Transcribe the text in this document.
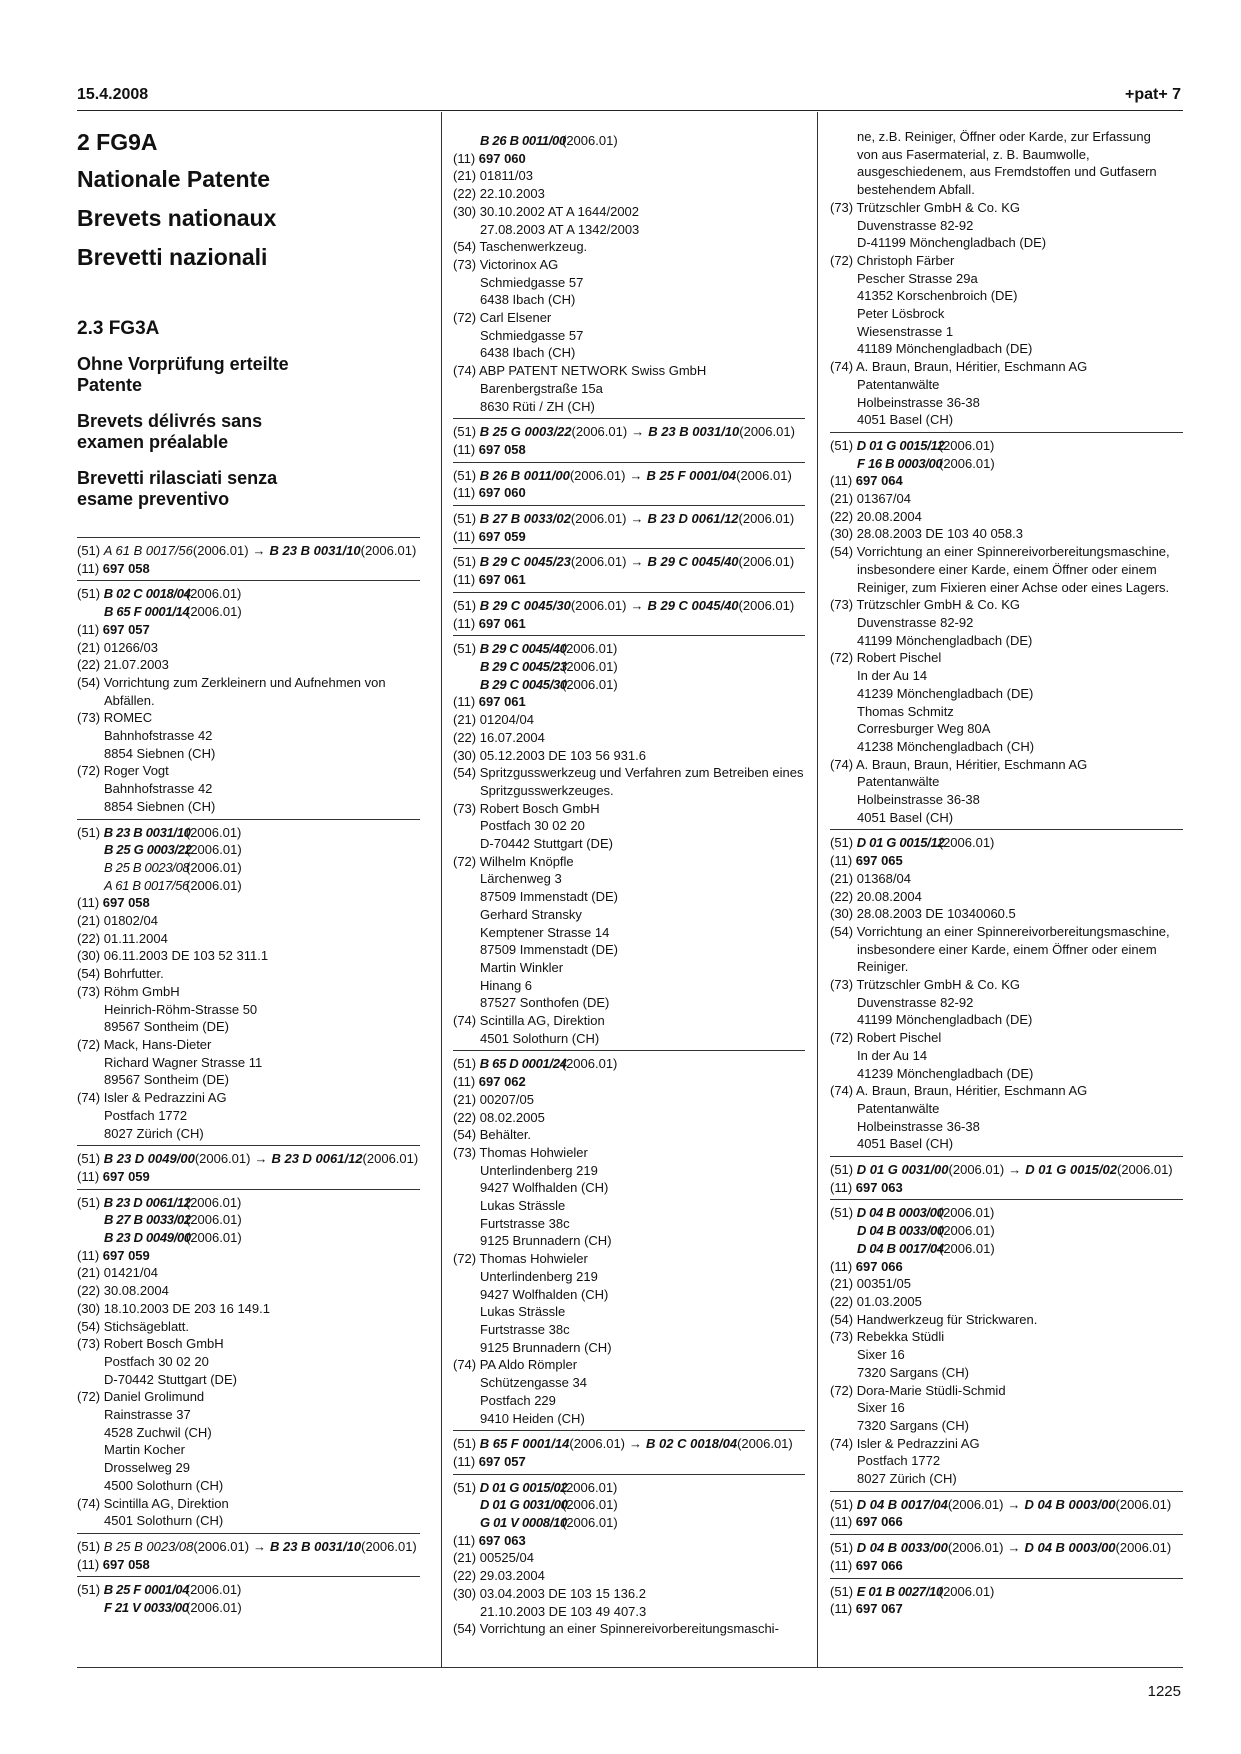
15.4.2008	+pat+ 7
2 FG9A
Nationale Patente
Brevets nationaux
Brevetti nazionali
2.3 FG3A
Ohne Vorprüfung erteilte Patente
Brevets délivrés sans examen préalable
Brevetti rilasciati senza esame preventivo
(51) A 61 B 0017/56(2006.01) → B 23 B 0031/10(2006.01)
(11) 697 058
(51) B 02 C 0018/04(2006.01)
B 65 F 0001/14(2006.01)
(11) 697 057
(21) 01266/03
(22) 21.07.2003
(54) Vorrichtung zum Zerkleinern und Aufnehmen von Abfällen.
(73) ROMEC
Bahnhofstrasse 42
8854 Siebnen (CH)
(72) Roger Vogt
Bahnhofstrasse 42
8854 Siebnen (CH)
(51) B 23 B 0031/10(2006.01)
B 25 G 0003/22(2006.01)
B 25 B 0023/08(2006.01)
A 61 B 0017/56(2006.01)
(11) 697 058
(21) 01802/04
(22) 01.11.2004
(30) 06.11.2003 DE 103 52 311.1
(54) Bohrfutter.
(73) Röhm GmbH
Heinrich-Röhm-Strasse 50
89567 Sontheim (DE)
(72) Mack, Hans-Dieter
Richard Wagner Strasse 11
89567 Sontheim (DE)
(74) Isler & Pedrazzini AG
Postfach 1772
8027 Zürich (CH)
(51) B 23 D 0049/00(2006.01) → B 23 D 0061/12(2006.01)
(11) 697 059
(51) B 23 D 0061/12(2006.01)
B 27 B 0033/02(2006.01)
B 23 D 0049/00(2006.01)
(11) 697 059
(21) 01421/04
(22) 30.08.2004
(30) 18.10.2003 DE 203 16 149.1
(54) Stichsägeblatt.
(73) Robert Bosch GmbH
Postfach 30 02 20
D-70442 Stuttgart (DE)
(72) Daniel Grolimund
Rainstrasse 37
4528 Zuchwil (CH)
Martin Kocher
Drosselweg 29
4500 Solothurn (CH)
(74) Scintilla AG, Direktion
4501 Solothurn (CH)
(51) B 25 B 0023/08(2006.01) → B 23 B 0031/10(2006.01)
(11) 697 058
(51) B 25 F 0001/04(2006.01)
F 21 V 0033/00(2006.01)
B 26 B 0011/00(2006.01)
(11) 697 060
(21) 01811/03
(22) 22.10.2003
(30) 30.10.2002 AT A 1644/2002
27.08.2003 AT A 1342/2003
(54) Taschenwerkzeug.
(73) Victorinox AG
Schmiedgasse 57
6438 Ibach (CH)
(72) Carl Elsener
Schmiedgasse 57
6438 Ibach (CH)
(74) ABP PATENT NETWORK Swiss GmbH
Barenbergstraße 15a
8630 Rüti / ZH (CH)
(51) B 25 G 0003/22(2006.01) → B 23 B 0031/10(2006.01)
(11) 697 058
(51) B 26 B 0011/00(2006.01) → B 25 F 0001/04(2006.01)
(11) 697 060
(51) B 27 B 0033/02(2006.01) → B 23 D 0061/12(2006.01)
(11) 697 059
(51) B 29 C 0045/23(2006.01) → B 29 C 0045/40(2006.01)
(11) 697 061
(51) B 29 C 0045/30(2006.01) → B 29 C 0045/40(2006.01)
(11) 697 061
(51) B 29 C 0045/40(2006.01)
B 29 C 0045/23(2006.01)
B 29 C 0045/30(2006.01)
(11) 697 061
(21) 01204/04
(22) 16.07.2004
(30) 05.12.2003 DE 103 56 931.6
(54) Spritzgusswerkzeug und Verfahren zum Betreiben eines Spritzgusswerkzeuges.
(73) Robert Bosch GmbH
Postfach 30 02 20
D-70442 Stuttgart (DE)
(72) Wilhelm Knöpfle
Lärchenweg 3
87509 Immenstadt (DE)
Gerhard Stransky
Kemptener Strasse 14
87509 Immenstadt (DE)
Martin Winkler
Hinang 6
87527 Sonthofen (DE)
(74) Scintilla AG, Direktion
4501 Solothurn (CH)
(51) B 65 D 0001/24(2006.01)
(11) 697 062
(21) 00207/05
(22) 08.02.2005
(54) Behälter.
(73) Thomas Hohwieler
Unterlindenberg 219
9427 Wolfhalden (CH)
Lukas Strässle
Furtstrasse 38c
9125 Brunnadern (CH)
(72) Thomas Hohwieler
Unterlindenberg 219
9427 Wolfhalden (CH)
Lukas Strässle
Furtstrasse 38c
9125 Brunnadern (CH)
(74) PA Aldo Römpler
Schützengasse 34
Postfach 229
9410 Heiden (CH)
(51) B 65 F 0001/14(2006.01) → B 02 C 0018/04(2006.01)
(11) 697 057
(51) D 01 G 0015/02(2006.01)
D 01 G 0031/00(2006.01)
G 01 V 0008/10(2006.01)
(11) 697 063
(21) 00525/04
(22) 29.03.2004
(30) 03.04.2003 DE 103 15 136.2
21.10.2003 DE 103 49 407.3
(54) Vorrichtung an einer Spinnereivorbereitungsmaschi-
ne, z.B. Reiniger, Öffner oder Karde, zur Erfassung
von aus Fasermaterial, z. B. Baumwolle,
ausgeschiedenem, aus Fremdstoffen und Gutfasern
bestehendem Abfall.
(73) Trützschler GmbH & Co. KG
Duvenstrasse 82-92
D-41199 Mönchengladbach (DE)
(72) Christoph Färber
Pescher Strasse 29a
41352 Korschenbroich (DE)
Peter Lösbrock
Wiesenstrasse 1
41189 Mönchengladbach (DE)
(74) A. Braun, Braun, Héritier, Eschmann AG
Patentanwälte
Holbeinstrasse 36-38
4051 Basel (CH)
(51) D 01 G 0015/12(2006.01)
F 16 B 0003/00(2006.01)
(11) 697 064
(21) 01367/04
(22) 20.08.2004
(30) 28.08.2003 DE 103 40 058.3
(54) Vorrichtung an einer Spinnereivorbereitungsmaschine, insbesondere einer Karde, einem Öffner oder einem Reiniger, zum Fixieren einer Achse oder eines Lagers.
(73) Trützschler GmbH & Co. KG
Duvenstrasse 82-92
41199 Mönchengladbach (DE)
(72) Robert Pischel
In der Au 14
41239 Mönchengladbach (DE)
Thomas Schmitz
Corresburger Weg 80A
41238 Mönchengladbach (CH)
(74) A. Braun, Braun, Héritier, Eschmann AG
Patentanwälte
Holbeinstrasse 36-38
4051 Basel (CH)
(51) D 01 G 0015/12(2006.01)
(11) 697 065
(21) 01368/04
(22) 20.08.2004
(30) 28.08.2003 DE 10340060.5
(54) Vorrichtung an einer Spinnereivorbereitungsmaschine, insbesondere einer Karde, einem Öffner oder einem Reiniger.
(73) Trützschler GmbH & Co. KG
Duvenstrasse 82-92
41199 Mönchengladbach (DE)
(72) Robert Pischel
In der Au 14
41239 Mönchengladbach (DE)
(74) A. Braun, Braun, Héritier, Eschmann AG
Patentanwälte
Holbeinstrasse 36-38
4051 Basel (CH)
(51) D 01 G 0031/00(2006.01) → D 01 G 0015/02(2006.01)
(11) 697 063
(51) D 04 B 0003/00(2006.01)
D 04 B 0033/00(2006.01)
D 04 B 0017/04(2006.01)
(11) 697 066
(21) 00351/05
(22) 01.03.2005
(54) Handwerkzeug für Strickwaren.
(73) Rebekka Stüdli
Sixer 16
7320 Sargans (CH)
(72) Dora-Marie Stüdli-Schmid
Sixer 16
7320 Sargans (CH)
(74) Isler & Pedrazzini AG
Postfach 1772
8027 Zürich (CH)
(51) D 04 B 0017/04(2006.01) → D 04 B 0003/00(2006.01)
(11) 697 066
(51) D 04 B 0033/00(2006.01) → D 04 B 0003/00(2006.01)
(11) 697 066
(51) E 01 B 0027/10(2006.01)
(11) 697 067
1225
